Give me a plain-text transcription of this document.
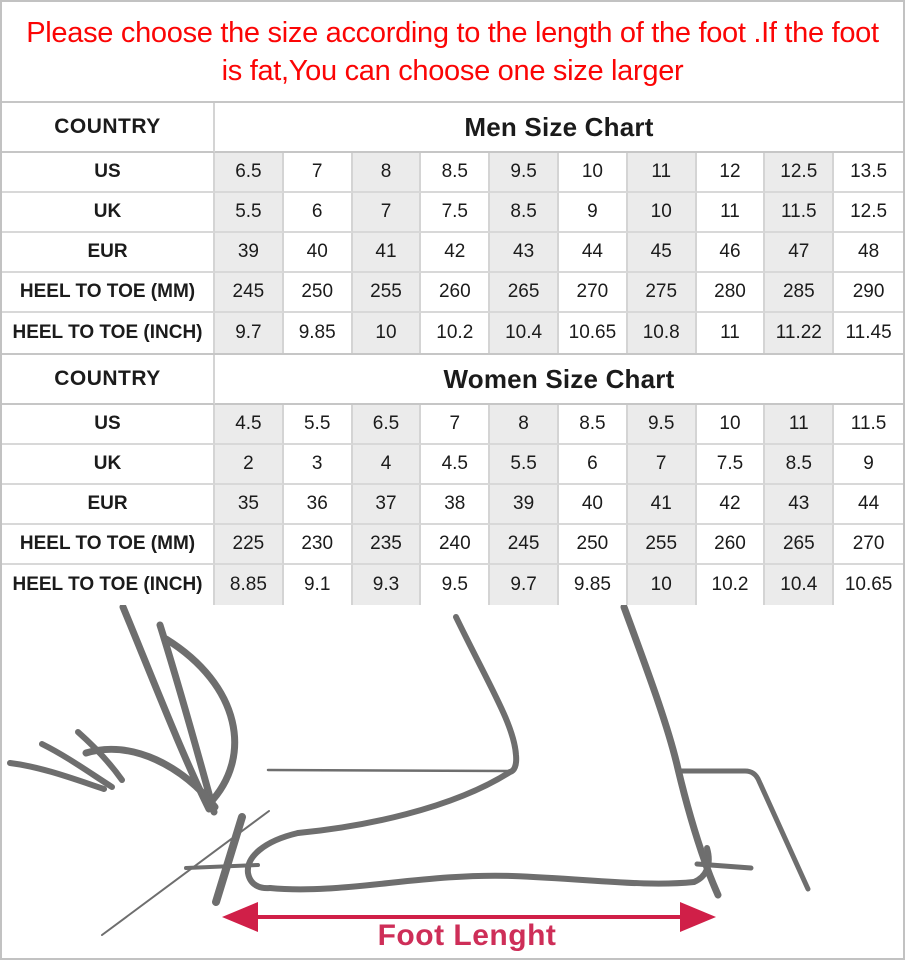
Please choose the size according to the length of the foot .If the foot
is fat,You can choose one size larger
COUNTRY	Men Size Chart
US	6.5	7	8	8.5	9.5	10	11	12	12.5	13.5
UK	5.5	6	7	7.5	8.5	9	10	11	11.5	12.5
EUR	39	40	41	42	43	44	45	46	47	48
HEEL TO TOE (MM)	245	250	255	260	265	270	275	280	285	290
HEEL TO TOE (INCH)	9.7	9.85	10	10.2	10.4	10.65	10.8	11	11.22	11.45
COUNTRY	Women Size Chart
US	4.5	5.5	6.5	7	8	8.5	9.5	10	11	11.5
UK	2	3	4	4.5	5.5	6	7	7.5	8.5	9
EUR	35	36	37	38	39	40	41	42	43	44
HEEL TO TOE (MM)	225	230	235	240	245	250	255	260	265	270
HEEL TO TOE (INCH)	8.85	9.1	9.3	9.5	9.7	9.85	10	10.2	10.4	10.65
Foot Lenght
